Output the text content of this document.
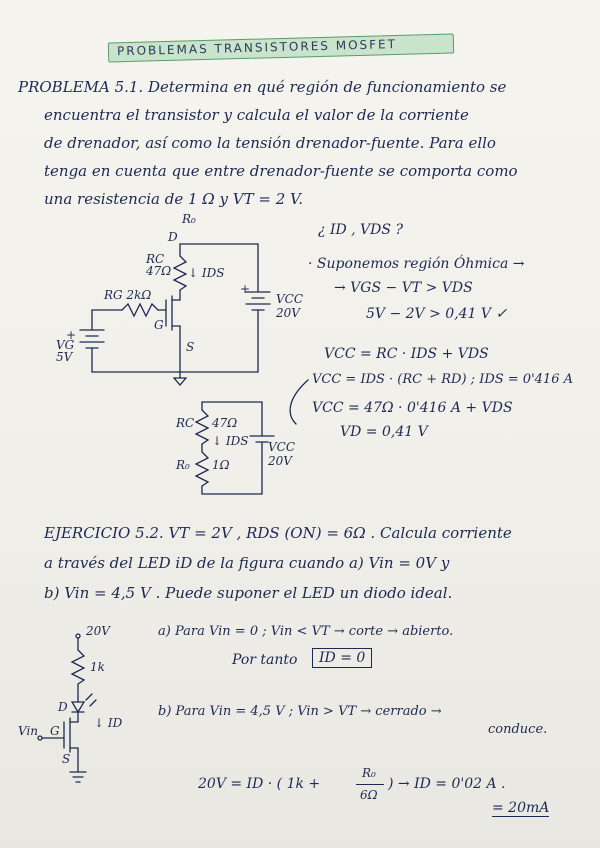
PROBLEMAS TRANSISTORES MOSFET
PROBLEMA 5.1. Determina en qué región de funcionamiento se
encuentra el transistor y calcula el valor de la corriente
de drenador, así como la tensión drenador-fuente. Para ello
tenga en cuenta que entre drenador-fuente se comporta como
una resistencia de 1 Ω y VT = 2 V.
R₀
¿ ID , VDS ?
D
RC
47Ω ↓ IDS
RG 2kΩ
G
S
+
VG
5V
+
VCC
20V
· Suponemos región Óhmica →
→ VGS − VT > VDS
5V − 2V > 0,41 V ✓
VCC = RC · IDS + VDS
VCC = IDS · (RC + RD) ; IDS = 0'416 A
VCC = 47Ω · 0'416 A + VDS
VD = 0,41 V
RC 47Ω
↓ IDS
R₀ 1Ω
VCC
20V
EJERCICIO 5.2. VT = 2V , RDS (ON) = 6Ω . Calcula corriente
a través del LED iD de la figura cuando a) Vin = 0V y
b) Vin = 4,5 V . Puede suponer el LED un diodo ideal.
20V
1k
D
↓ ID
Vin G
S
a) Para Vin = 0 ; Vin < VT → corte → abierto.
Por tanto	ID = 0
b) Para Vin = 4,5 V ; Vin > VT → cerrado →
conduce.
20V = ID · ( 1k +
R₀
6Ω
) → ID = 0'02 A .
= 20mA
